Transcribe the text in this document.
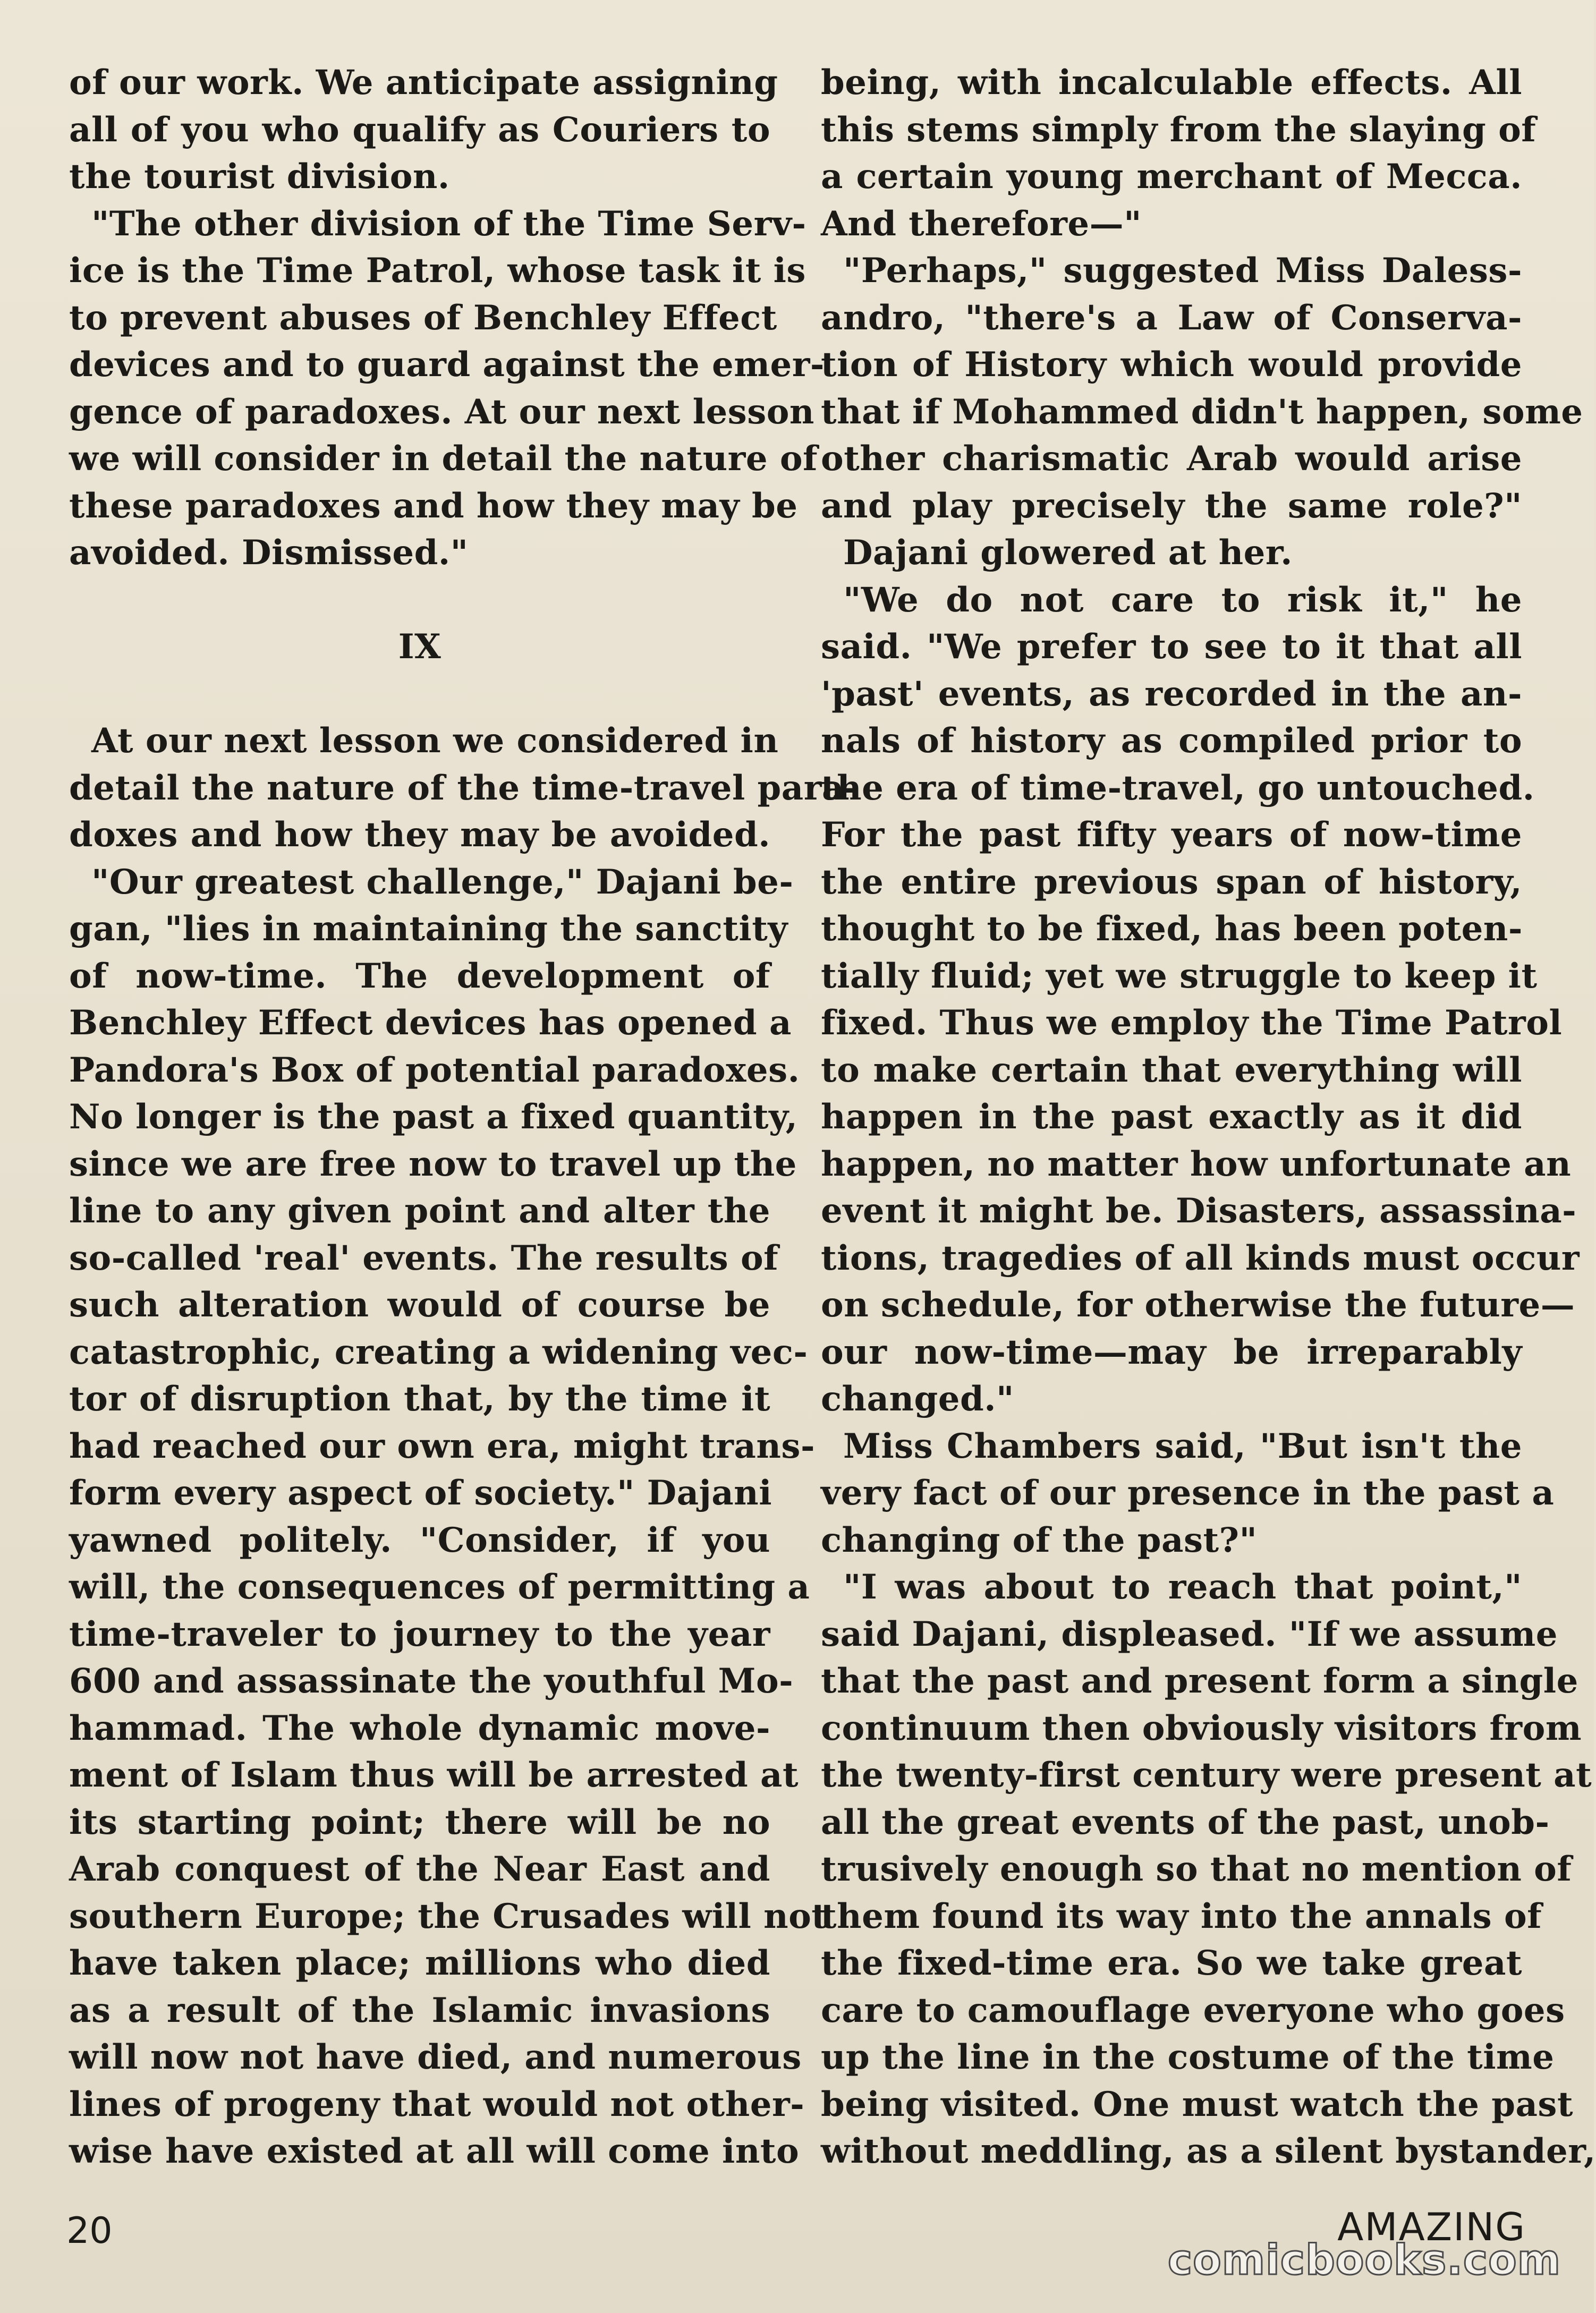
of our work. We anticipate assigning
all of you who qualify as Couriers to
the tourist division.
"The other division of the Time Serv-
ice is the Time Patrol, whose task it is
to prevent abuses of Benchley Effect
devices and to guard against the emer-
gence of paradoxes. At our next lesson
we will consider in detail the nature of
these paradoxes and how they may be
avoided. Dismissed."
IX
At our next lesson we considered in
detail the nature of the time-travel para-
doxes and how they may be avoided.
"Our greatest challenge," Dajani be-
gan, "lies in maintaining the sanctity
of now-time. The development of
Benchley Effect devices has opened a
Pandora's Box of potential paradoxes.
No longer is the past a fixed quantity,
since we are free now to travel up the
line to any given point and alter the
so-called 'real' events. The results of
such alteration would of course be
catastrophic, creating a widening vec-
tor of disruption that, by the time it
had reached our own era, might trans-
form every aspect of society." Dajani
yawned politely. "Consider, if you
will, the consequences of permitting a
time-traveler to journey to the year
600 and assassinate the youthful Mo-
hammad. The whole dynamic move-
ment of Islam thus will be arrested at
its starting point; there will be no
Arab conquest of the Near East and
southern Europe; the Crusades will not
have taken place; millions who died
as a result of the Islamic invasions
will now not have died, and numerous
lines of progeny that would not other-
wise have existed at all will come into
being, with incalculable effects. All
this stems simply from the slaying of
a certain young merchant of Mecca.
And therefore—"
"Perhaps," suggested Miss Daless-
andro, "there's a Law of Conserva-
tion of History which would provide
that if Mohammed didn't happen, some
other charismatic Arab would arise
and play precisely the same role?"
Dajani glowered at her.
"We do not care to risk it," he
said. "We prefer to see to it that all
'past' events, as recorded in the an-
nals of history as compiled prior to
the era of time-travel, go untouched.
For the past fifty years of now-time
the entire previous span of history,
thought to be fixed, has been poten-
tially fluid; yet we struggle to keep it
fixed. Thus we employ the Time Patrol
to make certain that everything will
happen in the past exactly as it did
happen, no matter how unfortunate an
event it might be. Disasters, assassina-
tions, tragedies of all kinds must occur
on schedule, for otherwise the future—
our now-time—may be irreparably
changed."
Miss Chambers said, "But isn't the
very fact of our presence in the past a
changing of the past?"
"I was about to reach that point,"
said Dajani, displeased. "If we assume
that the past and present form a single
continuum then obviously visitors from
the twenty-first century were present at
all the great events of the past, unob-
trusively enough so that no mention of
them found its way into the annals of
the fixed-time era. So we take great
care to camouflage everyone who goes
up the line in the costume of the time
being visited. One must watch the past
without meddling, as a silent bystander,
20	AMAZING
comicbooks.com
